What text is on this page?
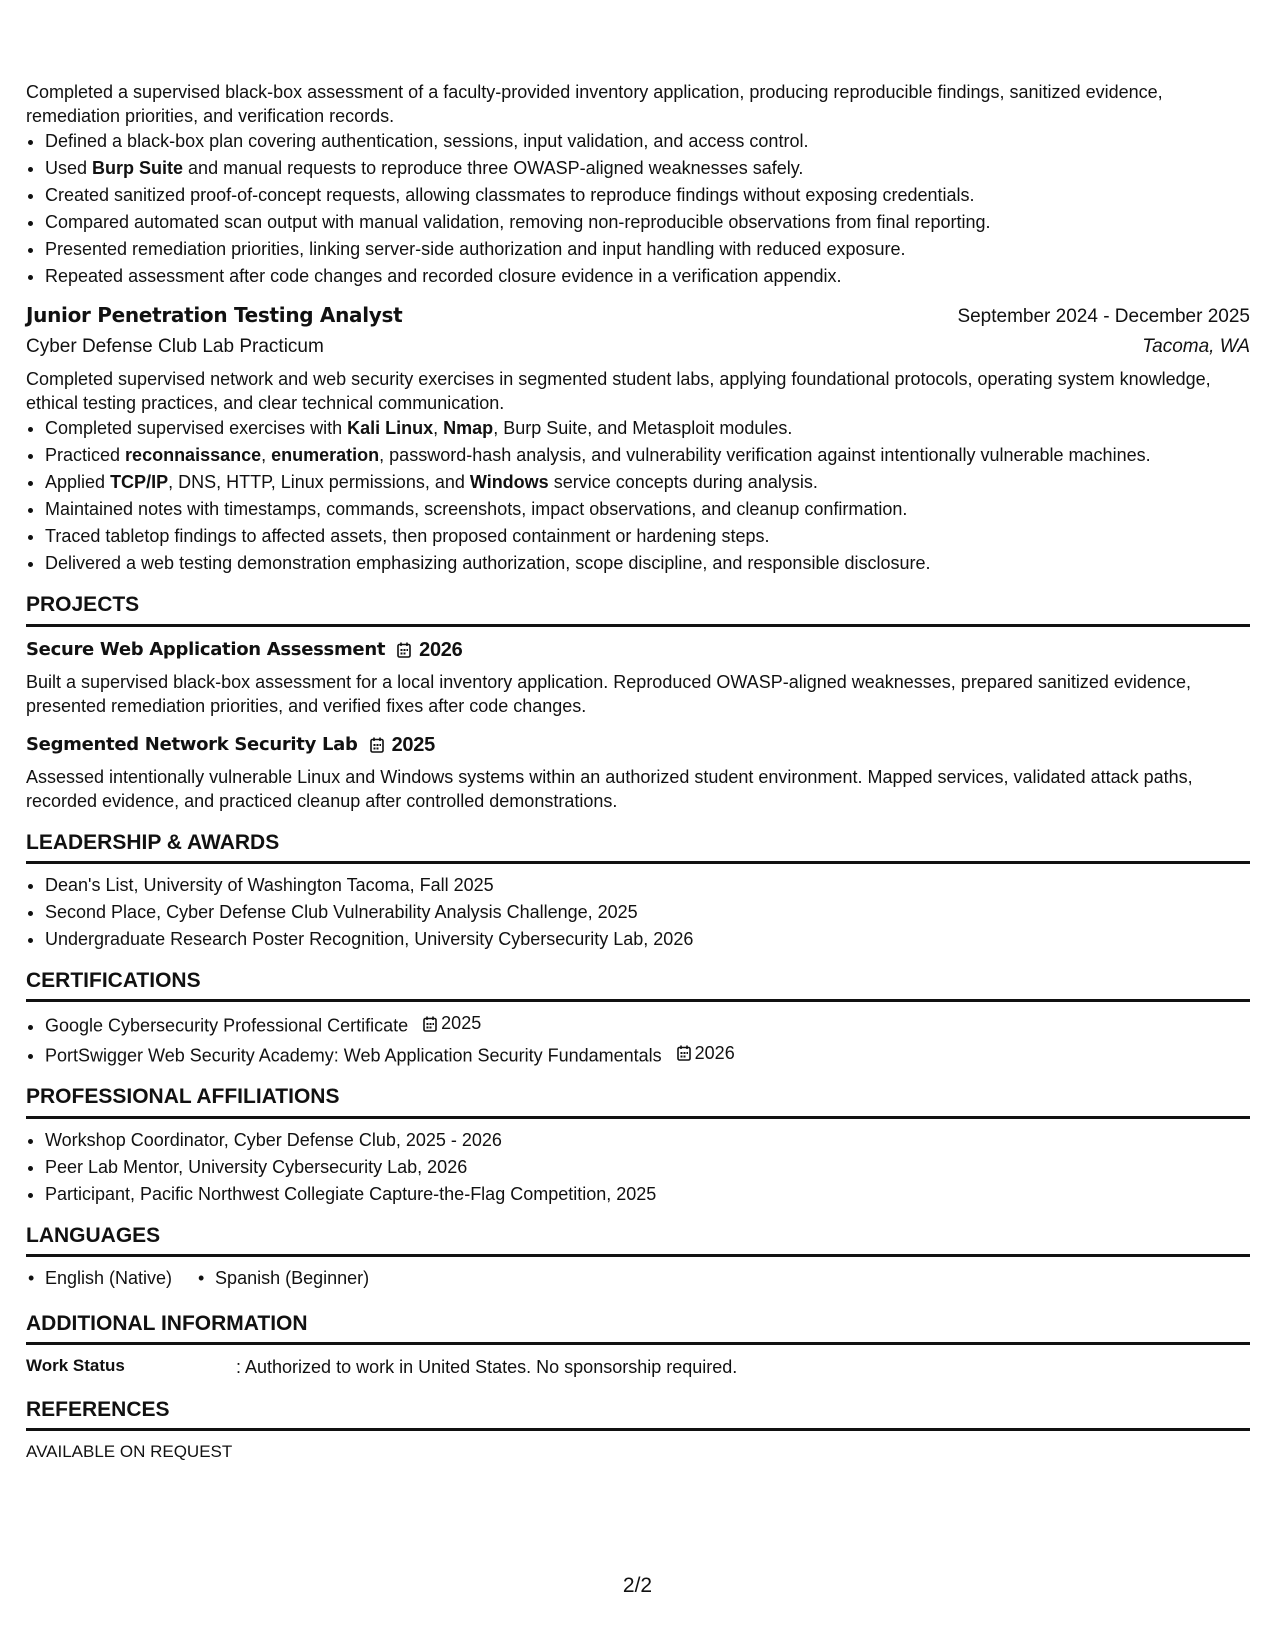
Completed a supervised black-box assessment of a faculty-provided inventory application, producing reproducible findings, sanitized evidence, remediation priorities, and verification records.

• Defined a black-box plan covering authentication, sessions, input validation, and access control.
• Used Burp Suite and manual requests to reproduce three OWASP-aligned weaknesses safely.
• Created sanitized proof-of-concept requests, allowing classmates to reproduce findings without exposing credentials.
• Compared automated scan output with manual validation, removing non-reproducible observations from final reporting.
• Presented remediation priorities, linking server-side authorization and input handling with reduced exposure.
• Repeated assessment after code changes and recorded closure evidence in a verification appendix.
Junior Penetration Testing Analyst	September 2024 - December 2025
Cyber Defense Club Lab Practicum	Tacoma, WA

Completed supervised network and web security exercises in segmented student labs, applying foundational protocols, operating system knowledge, ethical testing practices, and clear technical communication.

• Completed supervised exercises with Kali Linux, Nmap, Burp Suite, and Metasploit modules.
• Practiced reconnaissance, enumeration, password-hash analysis, and vulnerability verification against intentionally vulnerable machines.
• Applied TCP/IP, DNS, HTTP, Linux permissions, and Windows service concepts during analysis.
• Maintained notes with timestamps, commands, screenshots, impact observations, and cleanup confirmation.
• Traced tabletop findings to affected assets, then proposed containment or hardening steps.
• Delivered a web testing demonstration emphasizing authorization, scope discipline, and responsible disclosure.
PROJECTS
Secure Web Application Assessment 2026

Built a supervised black-box assessment for a local inventory application. Reproduced OWASP-aligned weaknesses, prepared sanitized evidence, presented remediation priorities, and verified fixes after code changes.

Segmented Network Security Lab 2025

Assessed intentionally vulnerable Linux and Windows systems within an authorized student environment. Mapped services, validated attack paths, recorded evidence, and practiced cleanup after controlled demonstrations.

LEADERSHIP & AWARDS
• Dean's List, University of Washington Tacoma, Fall 2025
• Second Place, Cyber Defense Club Vulnerability Analysis Challenge, 2025
• Undergraduate Research Poster Recognition, University Cybersecurity Lab, 2026
CERTIFICATIONS
• Google Cybersecurity Professional Certificate 2025
• PortSwigger Web Security Academy: Web Application Security Fundamentals 2026
PROFESSIONAL AFFILIATIONS
• Workshop Coordinator, Cyber Defense Club, 2025 - 2026
• Peer Lab Mentor, University Cybersecurity Lab, 2026
• Participant, Pacific Northwest Collegiate Capture-the-Flag Competition, 2025
LANGUAGES
• English (Native)
•	Spanish (Beginner)
ADDITIONAL INFORMATION
Work Status	: Authorized to work in United States. No sponsorship required.
REFERENCES
AVAILABLE ON REQUEST
2/2
